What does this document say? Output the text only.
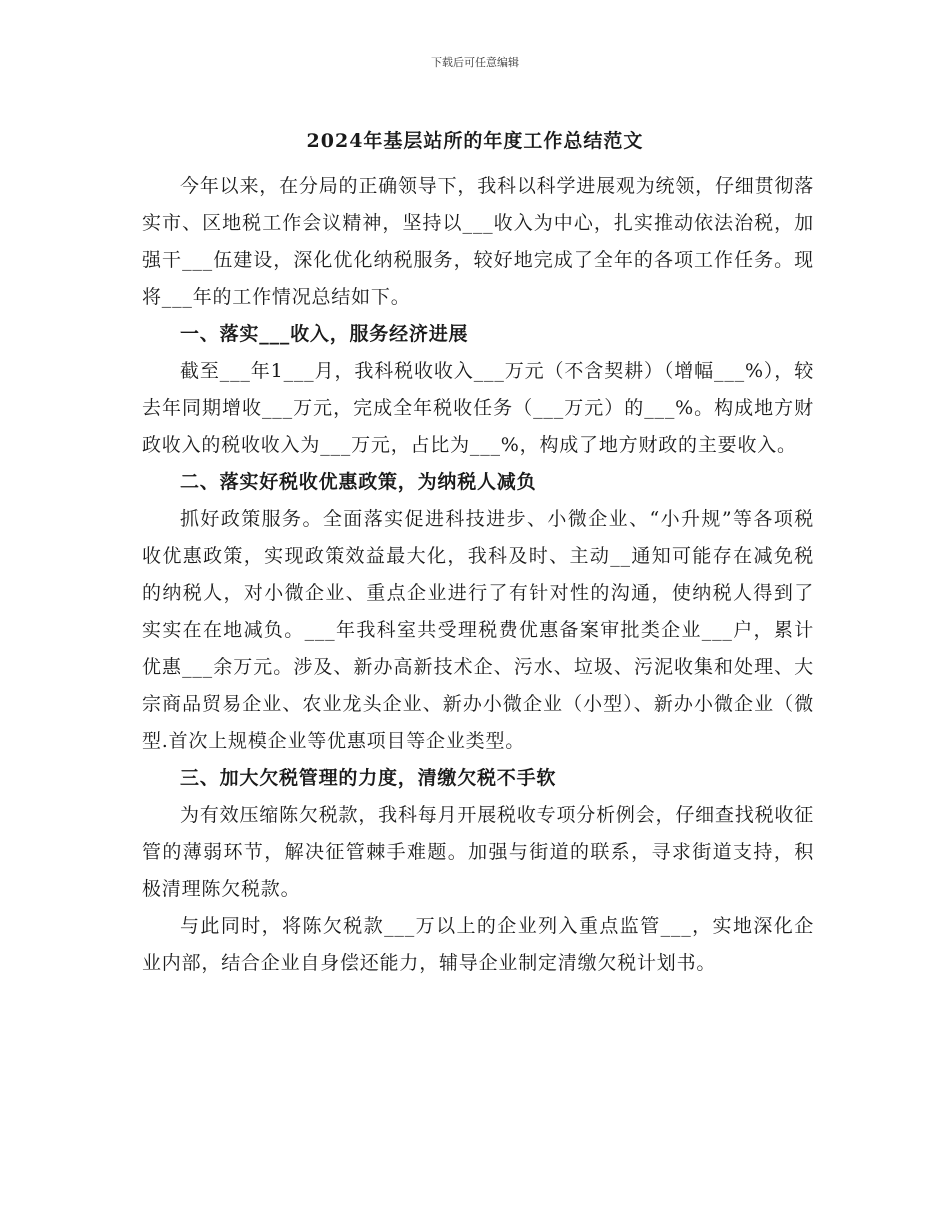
下载后可任意编辑
2024年基层站所的年度工作总结范文

今年以来，在分局的正确领导下，我科以科学进展观为统领，仔细贯彻落实市、区地税工作会议精神，坚持以___收入为中心，扎实推动依法治税，加强干___伍建设，深化优化纳税服务，较好地完成了全年的各项工作任务。现将___年的工作情况总结如下。

一、落实___收入，服务经济进展

截至___年1___月，我科税收收入___万元（不含契耕）（增幅___%），较去年同期增收___万元，完成全年税收任务（___万元）的___%。构成地方财政收入的税收收入为___万元，占比为___%，构成了地方财政的主要收入。

二、落实好税收优惠政策，为纳税人减负

抓好政策服务。全面落实促进科技进步、小微企业、“小升规”等各项税收优惠政策，实现政策效益最大化，我科及时、主动__通知可能存在减免税的纳税人，对小微企业、重点企业进行了有针对性的沟通，使纳税人得到了实实在在地减负。___年我科室共受理税费优惠备案审批类企业___户，累计优惠___余万元。涉及、新办高新技术企、污水、垃圾、污泥收集和处理、大宗商品贸易企业、农业龙头企业、新办小微企业（小型）、新办小微企业（微型.首次上规模企业等优惠项目等企业类型。

三、加大欠税管理的力度，清缴欠税不手软

为有效压缩陈欠税款，我科每月开展税收专项分析例会，仔细查找税收征管的薄弱环节，解决征管棘手难题。加强与街道的联系，寻求街道支持，积极清理陈欠税款。

与此同时，将陈欠税款___万以上的企业列入重点监管___，实地深化企业内部，结合企业自身偿还能力，辅导企业制定清缴欠税计划书。
